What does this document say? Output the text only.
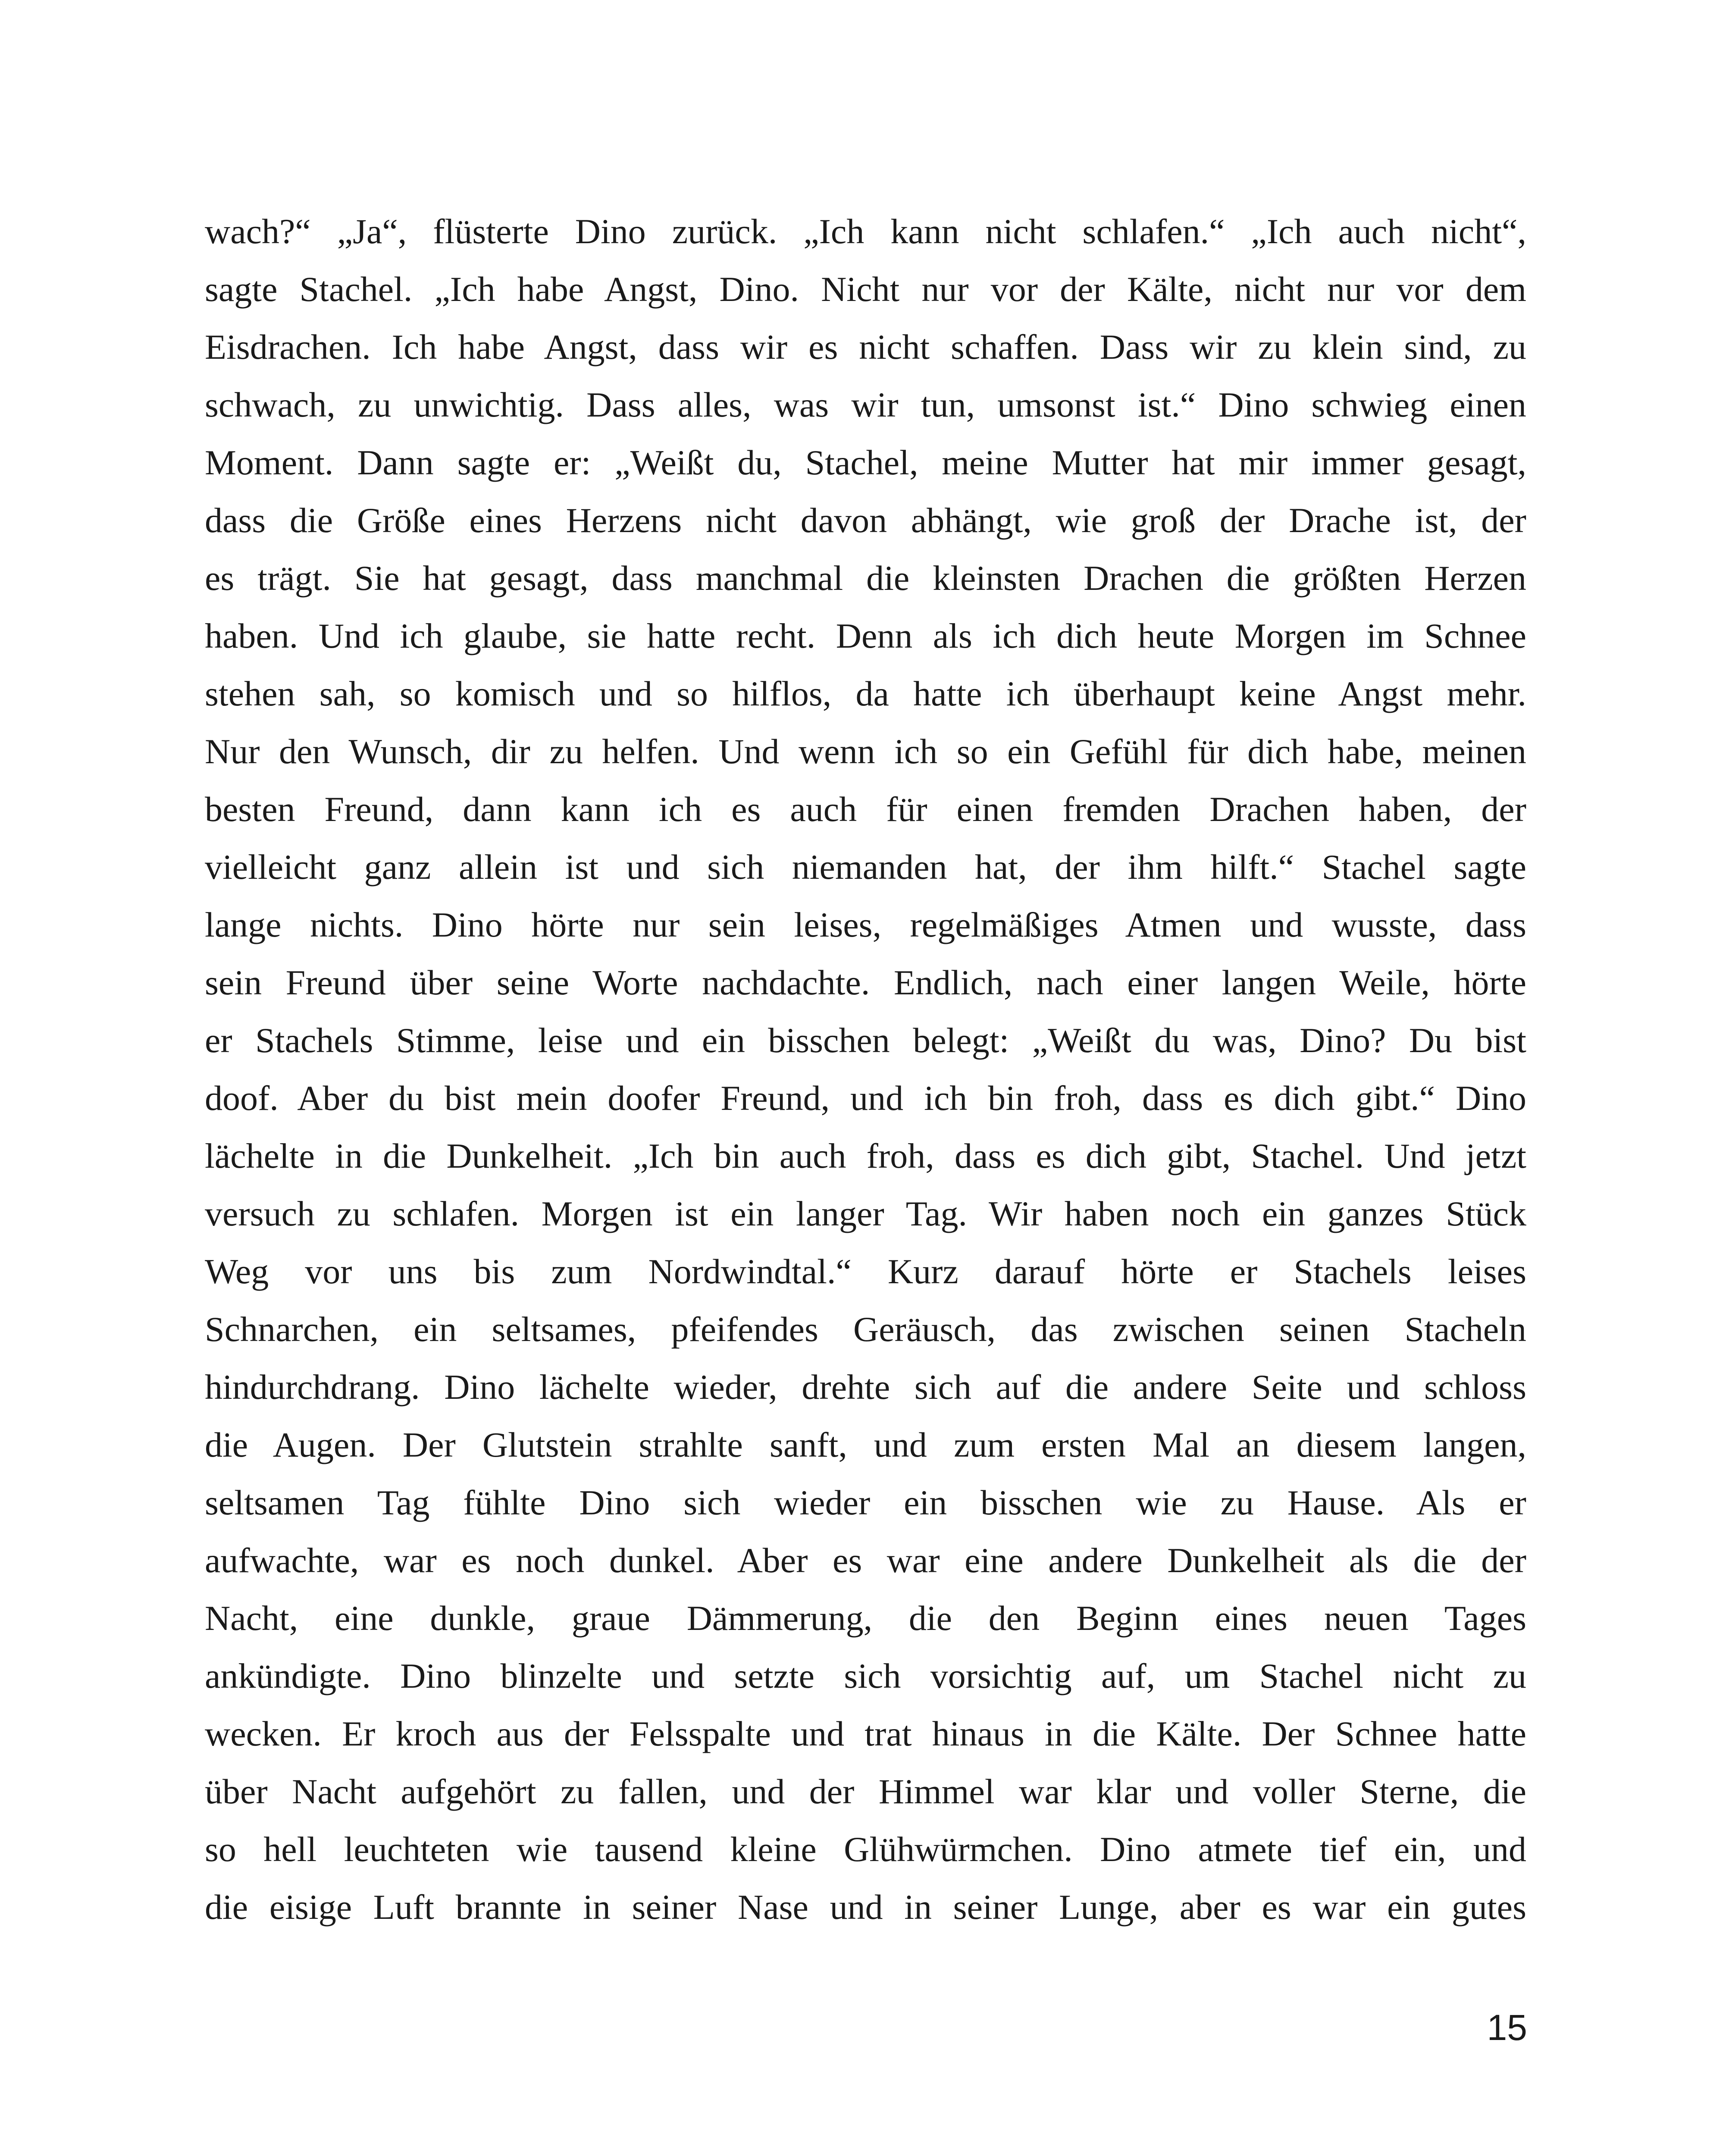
wach?“ „Ja“, flüsterte Dino zurück. „Ich kann nicht schlafen.“ „Ich auch nicht“,
sagte Stachel. „Ich habe Angst, Dino. Nicht nur vor der Kälte, nicht nur vor dem
Eisdrachen. Ich habe Angst, dass wir es nicht schaffen. Dass wir zu klein sind, zu
schwach, zu unwichtig. Dass alles, was wir tun, umsonst ist.“ Dino schwieg einen
Moment. Dann sagte er: „Weißt du, Stachel, meine Mutter hat mir immer gesagt,
dass die Größe eines Herzens nicht davon abhängt, wie groß der Drache ist, der
es trägt. Sie hat gesagt, dass manchmal die kleinsten Drachen die größten Herzen
haben. Und ich glaube, sie hatte recht. Denn als ich dich heute Morgen im Schnee
stehen sah, so komisch und so hilflos, da hatte ich überhaupt keine Angst mehr.
Nur den Wunsch, dir zu helfen. Und wenn ich so ein Gefühl für dich habe, meinen
besten Freund, dann kann ich es auch für einen fremden Drachen haben, der
vielleicht ganz allein ist und sich niemanden hat, der ihm hilft.“ Stachel sagte
lange nichts. Dino hörte nur sein leises, regelmäßiges Atmen und wusste, dass
sein Freund über seine Worte nachdachte. Endlich, nach einer langen Weile, hörte
er Stachels Stimme, leise und ein bisschen belegt: „Weißt du was, Dino? Du bist
doof. Aber du bist mein doofer Freund, und ich bin froh, dass es dich gibt.“ Dino
lächelte in die Dunkelheit. „Ich bin auch froh, dass es dich gibt, Stachel. Und jetzt
versuch zu schlafen. Morgen ist ein langer Tag. Wir haben noch ein ganzes Stück
Weg vor uns bis zum Nordwindtal.“ Kurz darauf hörte er Stachels leises
Schnarchen, ein seltsames, pfeifendes Geräusch, das zwischen seinen Stacheln
hindurchdrang. Dino lächelte wieder, drehte sich auf die andere Seite und schloss
die Augen. Der Glutstein strahlte sanft, und zum ersten Mal an diesem langen,
seltsamen Tag fühlte Dino sich wieder ein bisschen wie zu Hause. Als er
aufwachte, war es noch dunkel. Aber es war eine andere Dunkelheit als die der
Nacht, eine dunkle, graue Dämmerung, die den Beginn eines neuen Tages
ankündigte. Dino blinzelte und setzte sich vorsichtig auf, um Stachel nicht zu
wecken. Er kroch aus der Felsspalte und trat hinaus in die Kälte. Der Schnee hatte
über Nacht aufgehört zu fallen, und der Himmel war klar und voller Sterne, die
so hell leuchteten wie tausend kleine Glühwürmchen. Dino atmete tief ein, und
die eisige Luft brannte in seiner Nase und in seiner Lunge, aber es war ein gutes
15
